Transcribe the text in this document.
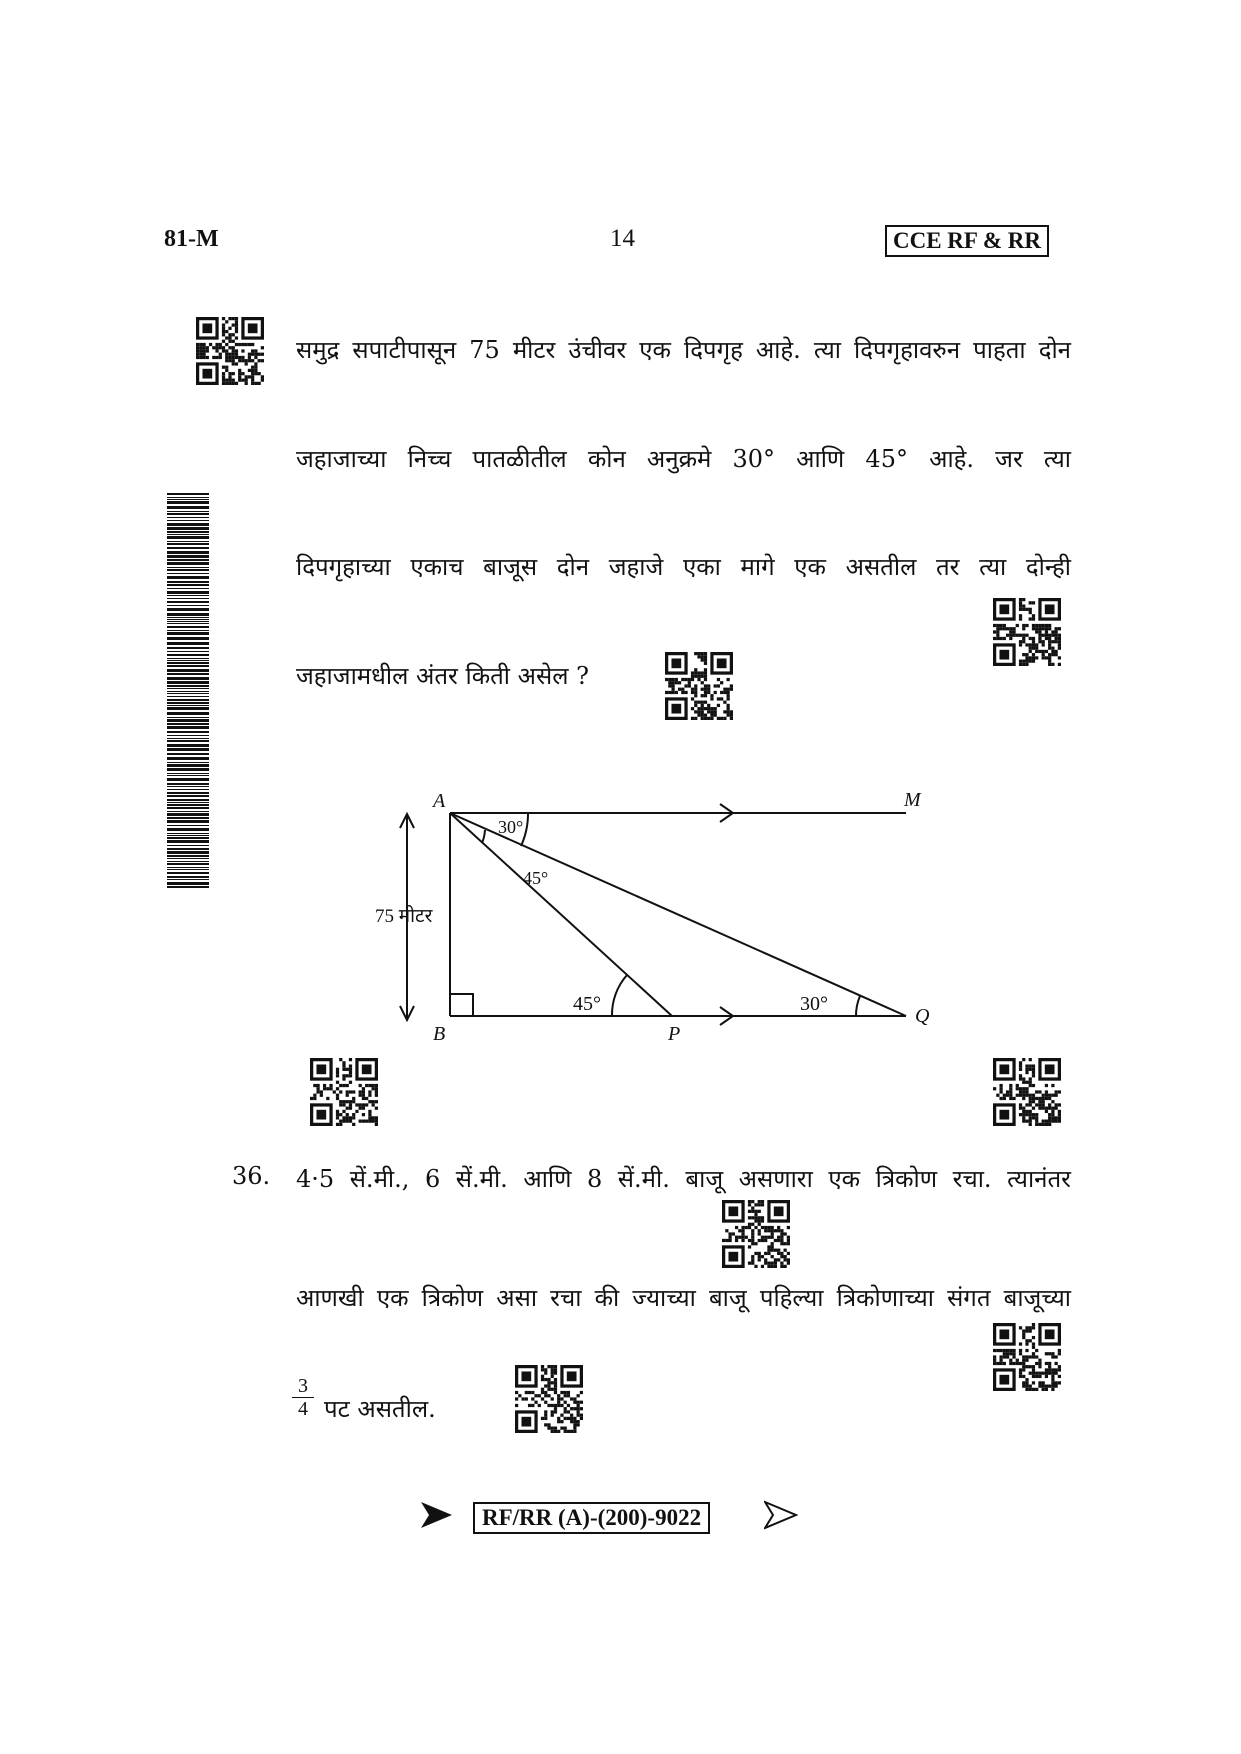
81-M	14	CCE RF & RR
समुद्र सपाटीपासून 75 मीटर उंचीवर एक दिपगृह आहे. त्या दिपगृहावरुन पाहता दोन
जहाजाच्या निच्च पातळीतील कोन अनुक्रमे 30° आणि 45° आहे. जर त्या
दिपगृहाच्या एकाच बाजूस दोन जहाजे एका मागे एक असतील तर त्या दोन्ही
जहाजामधील अंतर किती असेल ?
A	M
B	P
Q
30°
45°
45°	30°
75 मीटर
36. 4·5 सें.मी., 6 सें.मी. आणि 8 सें.मी. बाजू असणारा एक त्रिकोण रचा. त्यानंतर
आणखी एक त्रिकोण असा रचा की ज्याच्या बाजू पहिल्या त्रिकोणाच्या संगत बाजूच्या
$\frac{3}{4}$ पट असतील.
RF/RR (A)-(200)-9022
